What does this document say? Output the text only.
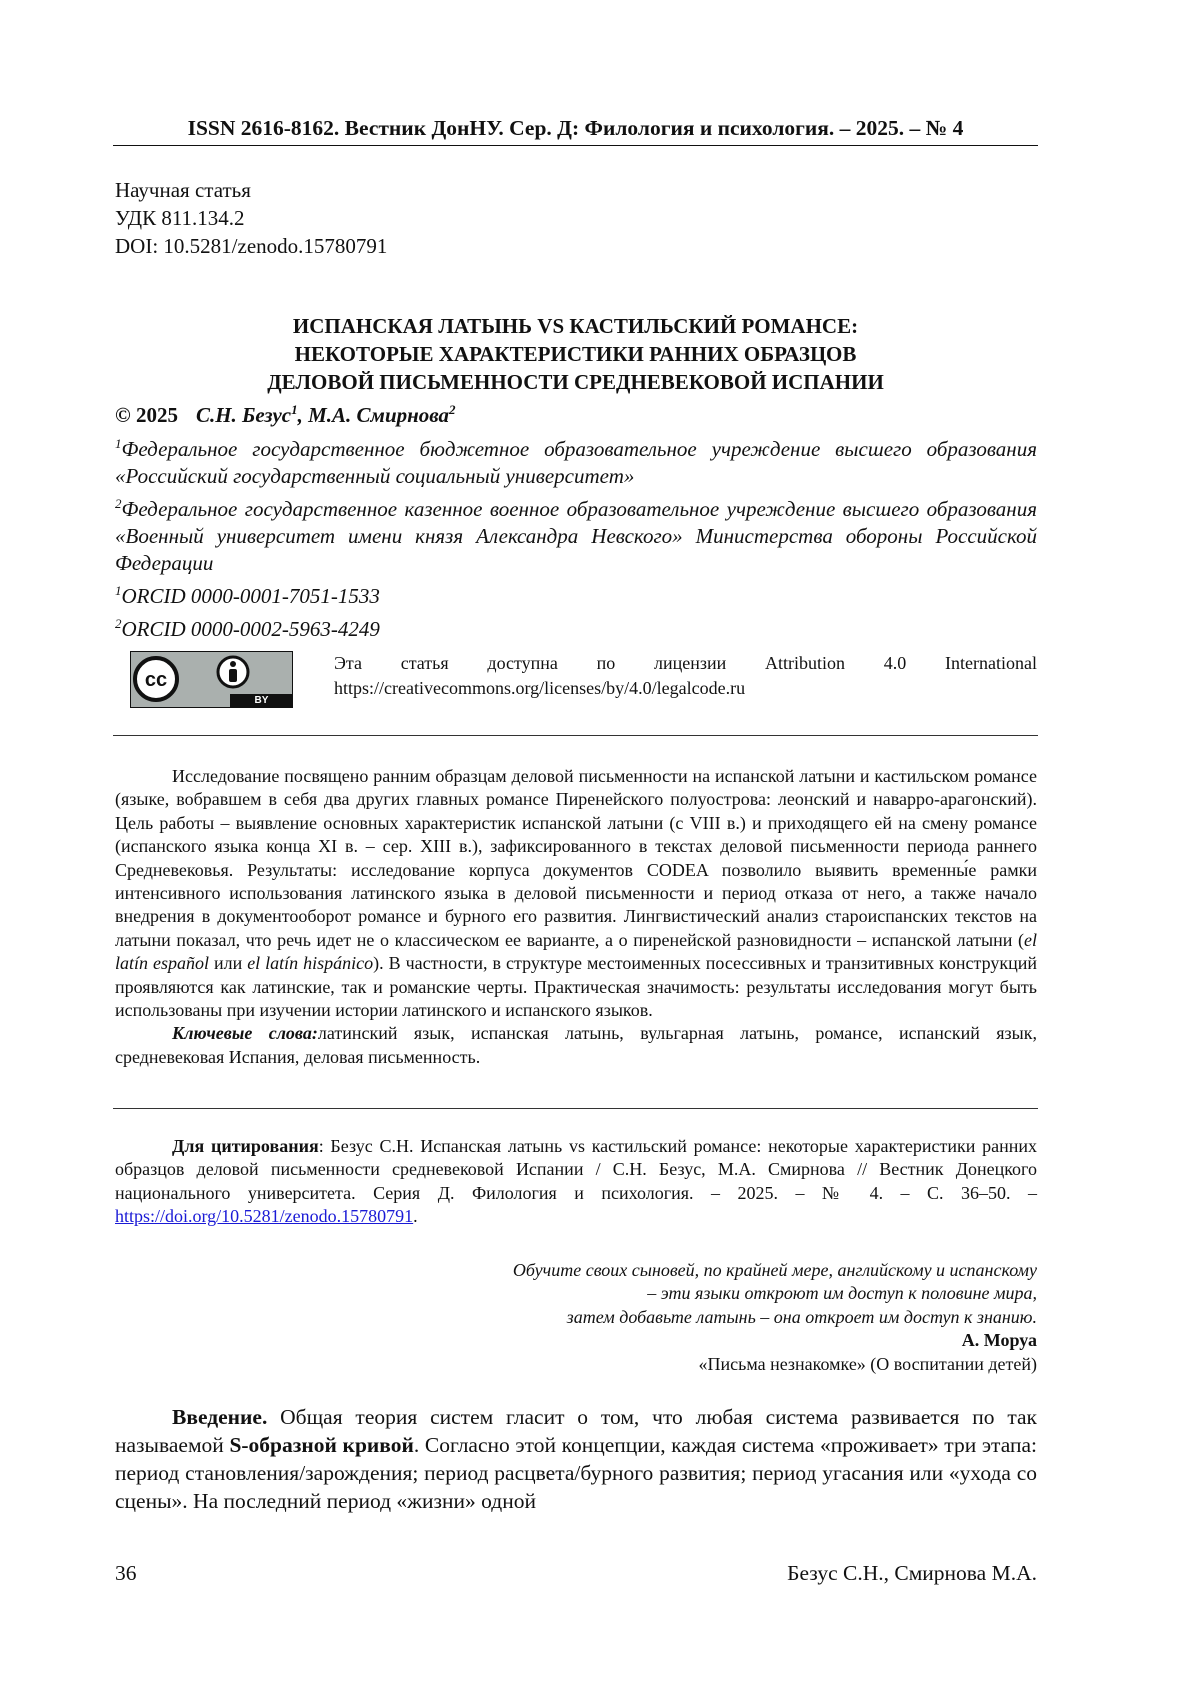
ISSN 2616-8162. Вестник ДонНУ. Сер. Д: Филология и психология. – 2025. – № 4
Научная статья
УДК 811.134.2
DOI: 10.5281/zenodo.15780791
ИСПАНСКАЯ ЛАТЫНЬ VS КАСТИЛЬСКИЙ РОМАНСЕ:
НЕКОТОРЫЕ ХАРАКТЕРИСТИКИ РАННИХ ОБРАЗЦОВ
ДЕЛОВОЙ ПИСЬМЕННОСТИ СРЕДНЕВЕКОВОЙ ИСПАНИИ
© 2025 С.Н. Безус$^1$, М.А. Смирнова$^2$

$^1$Федеральное государственное бюджетное образовательное учреждение высшего образования «Российский государственный социальный университет»

$^2$Федеральное государственное казенное военное образовательное учреждение высшего образования «Военный университет имени князя Александра Невского» Министерства обороны Российской Федерации

$^1$ORCID 0000-0001-7051-1533

$^2$ORCID 0000-0002-5963-4249

cc
BY
Эта статья доступна по лицензии Attribution 4.0 International
https://creativecommons.org/licenses/by/4.0/legalcode.ru

Исследование посвящено ранним образцам деловой письменности на испанской латыни и кастильском романсе (языке, вобравшем в себя два других главных романсе Пиренейского полуострова: леонский и наварро-арагонский). Цель работы – выявление основных характеристик испанской латыни (с VIII в.) и приходящего ей на смену романсе (испанского языка конца XI в. – сер. XIII в.), зафиксированного в текстах деловой письменности периода раннего Средневековья. Результаты: исследование корпуса документов CODEA позволило выявить временны́е рамки интенсивного использования латинского языка в деловой письменности и период отказа от него, а также начало внедрения в документооборот романсе и бурного его развития. Лингвистический анализ староиспанских текстов на латыни показал, что речь идет не о классическом ее варианте, а о пиренейской разновидности – испанской латыни (el latín español или el latín hispánico). В частности, в структуре местоименных посессивных и транзитивных конструкций проявляются как латинские, так и романские черты. Практическая значимость: результаты исследования могут быть использованы при изучении истории латинского и испанского языков.

Ключевые слова:латинский язык, испанская латынь, вульгарная латынь, романсе, испанский язык, средневековая Испания, деловая письменность.

Для цитирования: Безус С.Н. Испанская латынь vs кастильский романсе: некоторые характеристики ранних образцов деловой письменности средневековой Испании / С.Н. Безус, М.А. Смирнова // Вестник Донецкого национального университета. Серия Д. Филология и психология. – 2025. – № 4. – С. 36–50. – https://doi.org/10.5281/zenodo.15780791.

Обучите своих сыновей, по крайней мере, английскому и испанскому
– эти языки откроют им доступ к половине мира,
затем добавьте латынь – она откроет им доступ к знанию.
А. Моруа
«Письма незнакомке» (О воспитании детей)

Введение. Общая теория систем гласит о том, что любая система развивается по так называемой S-образной кривой. Согласно этой концепции, каждая система «проживает» три этапа: период становления/зарождения; период расцвета/бурного развития; период угасания или «ухода со сцены». На последний период «жизни» одной

36	Безус С.Н., Смирнова М.А.
